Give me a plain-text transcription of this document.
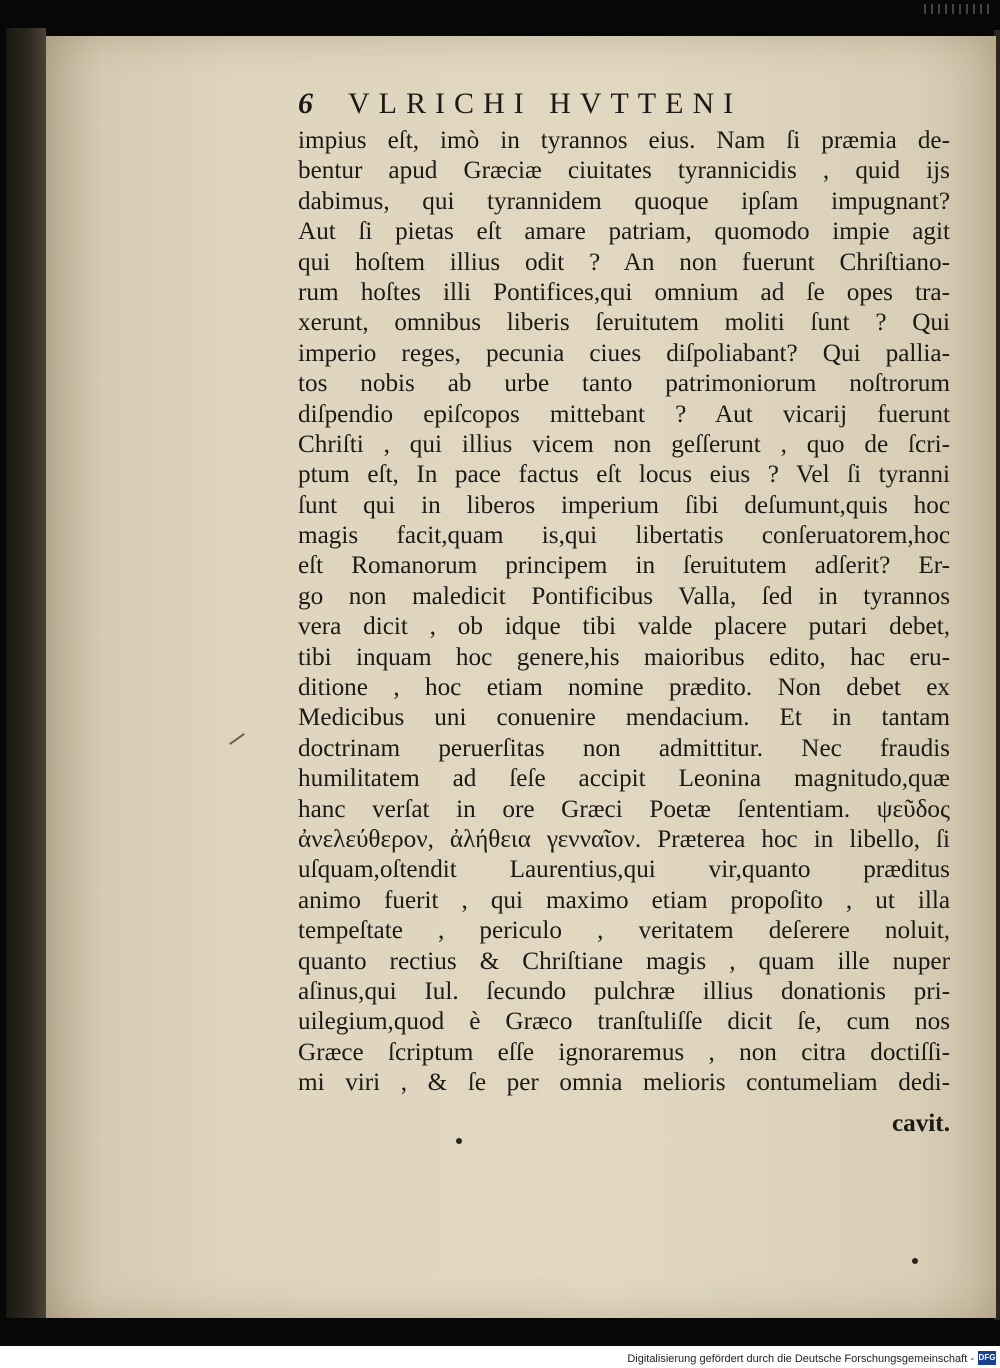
6	VLRICHI HVTTENI
impius eſt, imò in tyrannos eius. Nam ſi præmia de-
bentur apud Græciæ ciuitates tyrannicidis , quid ijs
dabimus, qui tyrannidem quoque ipſam impugnant?
Aut ſi pietas eſt amare patriam, quomodo impie agit
qui hoſtem illius odit ? An non fuerunt Chriſtiano-
rum hoſtes illi Pontifices,qui omnium ad ſe opes tra-
xerunt, omnibus liberis ſeruitutem moliti ſunt ? Qui
imperio reges, pecunia ciues diſpoliabant? Qui pallia-
tos nobis ab urbe tanto patrimoniorum noſtrorum
diſpendio epiſcopos mittebant ? Aut vicarij fuerunt
Chriſti , qui illius vicem non geſſerunt , quo de ſcri-
ptum eſt, In pace factus eſt locus eius ? Vel ſi tyranni
ſunt qui in liberos imperium ſibi deſumunt,quis hoc
magis facit,quam is,qui libertatis conſeruatorem,hoc
eſt Romanorum principem in ſeruitutem adſerit? Er-
go non maledicit Pontificibus Valla, ſed in tyrannos
vera dicit , ob idque tibi valde placere putari debet,
tibi inquam hoc genere,his maioribus edito, hac eru-
ditione , hoc etiam nomine prædito. Non debet ex
Medicibus uni conuenire mendacium. Et in tantam
doctrinam peruerſitas non admittitur. Nec fraudis
humilitatem ad ſeſe accipit Leonina magnitudo,quæ
hanc verſat in ore Græci Poetæ ſententiam. ψεῦδος
ἀνελεύθερον, ἀλήθεια γενναῖον. Præterea hoc in libello, ſi
uſquam,oſtendit Laurentius,qui vir,quanto præditus
animo fuerit , qui maximo etiam propoſito , ut illa
tempeſtate , periculo , veritatem deſerere noluit,
quanto rectius & Chriſtiane magis , quam ille nuper
aſinus,qui Iul. ſecundo pulchræ illius donationis pri-
uilegium,quod è Græco tranſtuliſſe dicit ſe, cum nos
Græce ſcriptum eſſe ignoraremus , non citra doctiſſi-
mi viri , & ſe per omnia melioris contumeliam dedi-
cavit.
Digitalisierung gefördert durch die Deutsche Forschungsgemeinschaft - DFG
